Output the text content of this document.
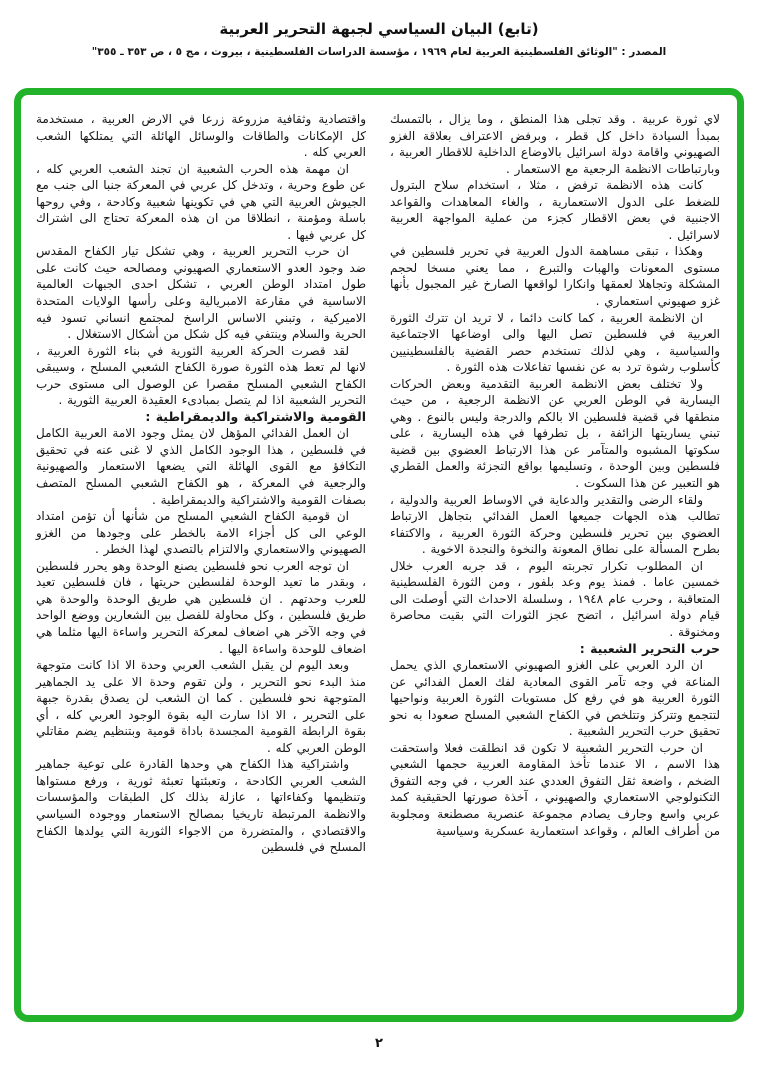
(تابع) البيان السياسي لجبهة التحرير العربية
المصدر : "الوثائق الفلسطينية العربية لعام ١٩٦٩ ، مؤسسة الدراسات الفلسطينية ، بيروت ، مج ٥ ، ص ٣٥٣ ـ ٣٥٥"

لاي ثورة عربية . وقد تجلى هذا المنطق ، وما يزال ، بالتمسك بمبدأ السيادة داخل كل قطر ، وبرفض الاعتراف بعلاقة الغزو الصهيوني واقامة دولة اسرائيل بالاوضاع الداخلية للاقطار العربية ، وبارتباطات الانظمة الرجعية مع الاستعمار .

كانت هذه الانظمة ترفض ، مثلا ، استخدام سلاح البترول للضغط على الدول الاستعمارية ، والغاء المعاهدات والقواعد الاجنبية في بعض الاقطار كجزء من عملية المواجهة العربية لاسرائيل .

وهكذا ، تبقى مساهمة الدول العربية في تحرير فلسطين في مستوى المعونات والهبات والتبرع ، مما يعني مسخا لحجم المشكلة وتجاهلا لعمقها وانكارا لواقعها الصارخ غير المجبول بأنها غزو صهيوني استعماري .

ان الانظمة العربية ، كما كانت دائما ، لا تريد ان تترك الثورة العربية في فلسطين تصل اليها والى اوضاعها الاجتماعية والسياسية ، وهي لذلك تستخدم حصر القضية بالفلسطينيين كأسلوب رشوة ترد به عن نفسها تفاعلات هذه الثورة .

ولا تختلف بعض الانظمة العربية التقدمية وبعض الحركات اليسارية في الوطن العربي عن الانظمة الرجعية ، من حيث منطقها في قضية فلسطين الا بالكم والدرجة وليس بالنوع . وهي تبني يساريتها الزائفة ، بل تطرفها في هذه اليسارية ، على سكوتها المشبوه والمتآمر عن هذا الارتباط العضوي بين قضية فلسطين وبين الوحدة ، وتسليمها بواقع التجزئة والعمل القطري هو التعبير عن هذا السكوت .

ولقاء الرضى والتقدير والدعاية في الاوساط العربية والدولية ، تطالب هذه الجهات جميعها العمل الفدائي بتجاهل الارتباط العضوي بين تحرير فلسطين وحركة الثورة العربية ، والاكتفاء بطرح المسألة على نطاق المعونة والنخوة والنجدة الاخوية .

ان المطلوب تكرار تجربته اليوم ، قد جربه العرب خلال خمسين عاما . فمنذ يوم وعد بلفور ، ومن الثورة الفلسطينية المتعاقبة ، وحرب عام ١٩٤٨ ، وسلسلة الاحداث التي أوصلت الى قيام دولة اسرائيل ، اتضح عجز الثورات التي بقيت محاصرة ومخنوقة .

حرب التحرير الشعبية :

ان الرد العربي على الغزو الصهيوني الاستعماري الذي يحمل المناعة في وجه تآمر القوى المعادية لفك العمل الفدائي عن الثورة العربية هو في رفع كل مستويات الثورة العربية ونواحيها لتتجمع وتتركز وتتلخص في الكفاح الشعبي المسلح صعودا به نحو تحقيق حرب التحرير الشعبية .

ان حرب التحرير الشعبية لا تكون قد انطلقت فعلا واستحقت هذا الاسم ، الا عندما تأخذ المقاومة العربية حجمها الشعبي الضخم ، واضعة ثقل التفوق العددي عند العرب ، في وجه التفوق التكنولوجي الاستعماري والصهيوني ، آخذة صورتها الحقيقية كمد عربي واسع وجارف يصادم مجموعة عنصرية مصطنعة ومجلوبة من أطراف العالم ، وقواعد استعمارية عسكرية وسياسية

واقتصادية وثقافية مزروعة زرعا في الارض العربية ، مستخدمة كل الإمكانات والطاقات والوسائل الهائلة التي يمتلكها الشعب العربي كله .

ان مهمة هذه الحرب الشعبية ان تجند الشعب العربي كله ، عن طوع وحرية ، وتدخل كل عربي في المعركة جنبا الى جنب مع الجيوش العربية التي هي في تكوينها شعبية وكادحة ، وفي روحها باسلة ومؤمنة ، انطلاقا من ان هذه المعركة تحتاج الى اشتراك كل عربي فيها .

ان حرب التحرير العربية ، وهي تشكل تيار الكفاح المقدس ضد وجود العدو الاستعماري الصهيوني ومصالحه حيث كانت على طول امتداد الوطن العربي ، تشكل احدى الجبهات العالمية الاساسية في مقارعة الامبريالية وعلى رأسها الولايات المتحدة الاميركية ، وتبني الاساس الراسخ لمجتمع انساني تسود فيه الحرية والسلام وينتفي فيه كل شكل من أشكال الاستغلال .

لقد قصرت الحركة العربية الثورية في بناء الثورة العربية ، لانها لم تعط هذه الثورة صورة الكفاح الشعبي المسلح ، وسيبقى الكفاح الشعبي المسلح مقصرا عن الوصول الى مستوى حرب التحرير الشعبية اذا لم يتصل بمبادىء العقيدة العربية الثورية .

القومية والاشتراكية والديمقراطية :

ان العمل الفدائي المؤهل لان يمثل وجود الامة العربية الكامل في فلسطين ، هذا الوجود الكامل الذي لا غنى عنه في تحقيق التكافؤ مع القوى الهائلة التي يضعها الاستعمار والصهيونية والرجعية في المعركة ، هو الكفاح الشعبي المسلح المتصف بصفات القومية والاشتراكية والديمقراطية .

ان قومية الكفاح الشعبي المسلح من شأنها أن تؤمن امتداد الوعي الى كل أجزاء الامة بالخطر على وجودها من الغزو الصهيوني والاستعماري والالتزام بالتصدي لهذا الخطر .

ان توجه العرب نحو فلسطين يصنع الوحدة وهو يحرر فلسطين ، وبقدر ما تعيد الوحدة لفلسطين حريتها ، فان فلسطين تعيد للعرب وحدتهم . ان فلسطين هي طريق الوحدة والوحدة هي طريق فلسطين ، وكل محاولة للفصل بين الشعارين ووضع الواحد في وجه الآخر هي اضعاف لمعركة التحرير واساءة اليها مثلما هي اضعاف للوحدة واساءة اليها .

وبعد اليوم لن يقبل الشعب العربي وحدة الا اذا كانت متوجهة منذ البدء نحو التحرير ، ولن تقوم وحدة الا على يد الجماهير المتوجهة نحو فلسطين . كما ان الشعب لن يصدق بقدرة جبهة على التحرير ، الا اذا سارت اليه بقوة الوجود العربي كله ، أي بقوة الرابطة القومية المجسدة باداة قومية وبتنظيم يضم مقاتلي الوطن العربي كله .

واشتراكية هذا الكفاح هي وحدها القادرة على توعية جماهير الشعب العربي الكادحة ، وتعبئتها تعبئة ثورية ، ورفع مستواها وتنظيمها وكفاءاتها ، عازلة بذلك كل الطبقات والمؤسسات والانظمة المرتبطة تاريخيا بمصالح الاستعمار ووجوده السياسي والاقتصادي ، والمتضررة من الاجواء الثورية التي يولدها الكفاح المسلح في فلسطين

٢
